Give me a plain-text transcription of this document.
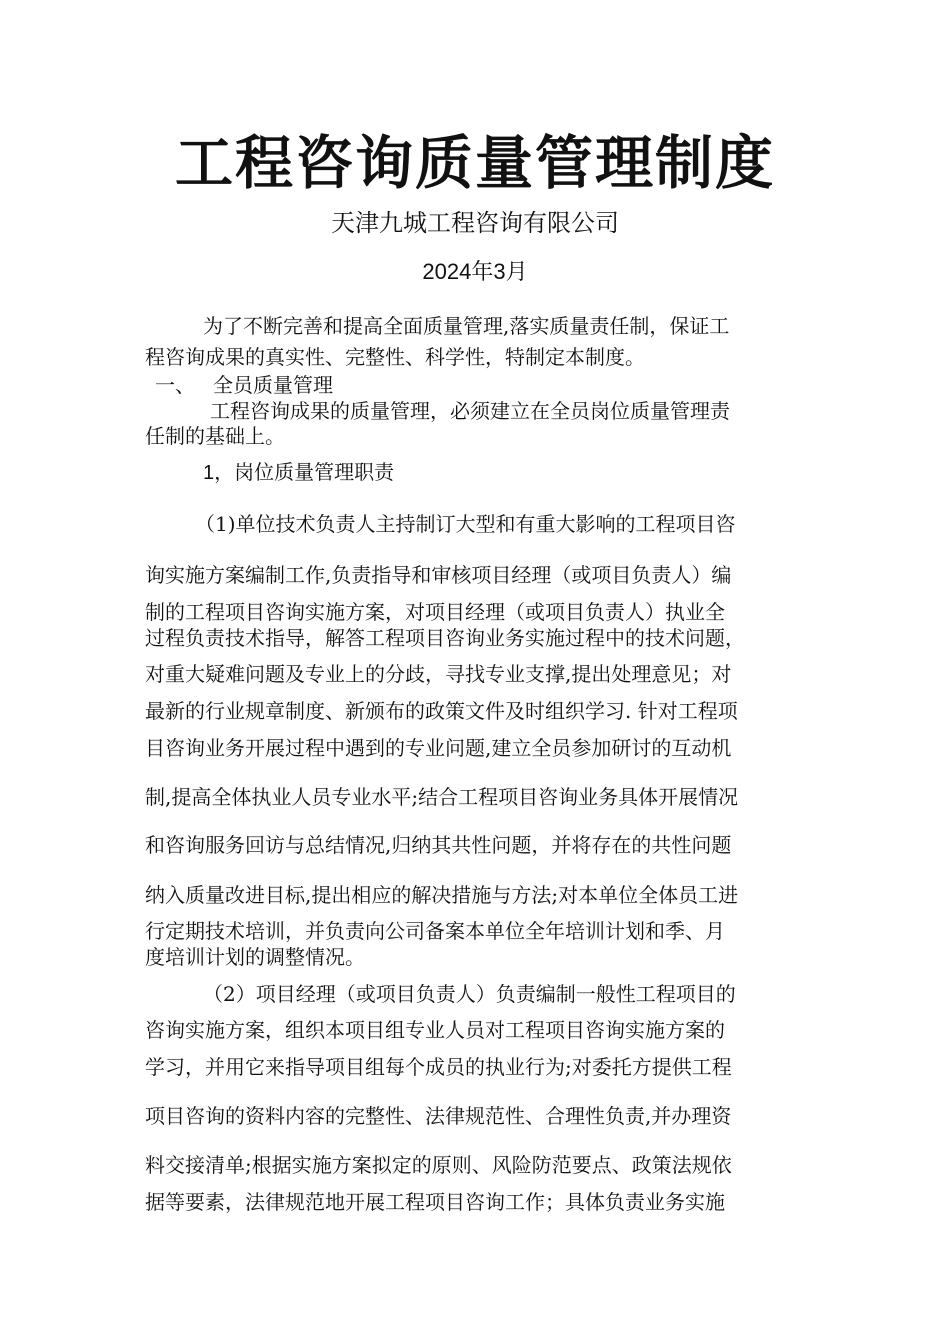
工程咨询质量管理制度
天津九城工程咨询有限公司
2024年3月
为了不断完善和提高全面质量管理,落实质量责任制，保证工
程咨询成果的真实性、完整性、科学性，特制定本制度。
一、 全员质量管理
工程咨询成果的质量管理，必须建立在全员岗位质量管理责
任制的基础上。
1，岗位质量管理职责
（1)单位技术负责人主持制订大型和有重大影响的工程项目咨
询实施方案编制工作,负责指导和审核项目经理（或项目负责人）编
制的工程项目咨询实施方案，对项目经理（或项目负责人）执业全
过程负责技术指导，解答工程项目咨询业务实施过程中的技术问题，
对重大疑难问题及专业上的分歧，寻找专业支撑,提出处理意见；对
最新的行业规章制度、新颁布的政策文件及时组织学习. 针对工程项
目咨询业务开展过程中遇到的专业问题,建立全员参加研讨的互动机
制,提高全体执业人员专业水平;结合工程项目咨询业务具体开展情况
和咨询服务回访与总结情况,归纳其共性问题，并将存在的共性问题
纳入质量改进目标,提出相应的解决措施与方法;对本单位全体员工进
行定期技术培训，并负责向公司备案本单位全年培训计划和季、月
度培训计划的调整情况。
（2）项目经理（或项目负责人）负责编制一般性工程项目的
咨询实施方案，组织本项目组专业人员对工程项目咨询实施方案的
学习，并用它来指导项目组每个成员的执业行为;对委托方提供工程
项目咨询的资料内容的完整性、法律规范性、合理性负责,并办理资
料交接清单;根据实施方案拟定的原则、风险防范要点、政策法规依
据等要素，法律规范地开展工程项目咨询工作；具体负责业务实施
